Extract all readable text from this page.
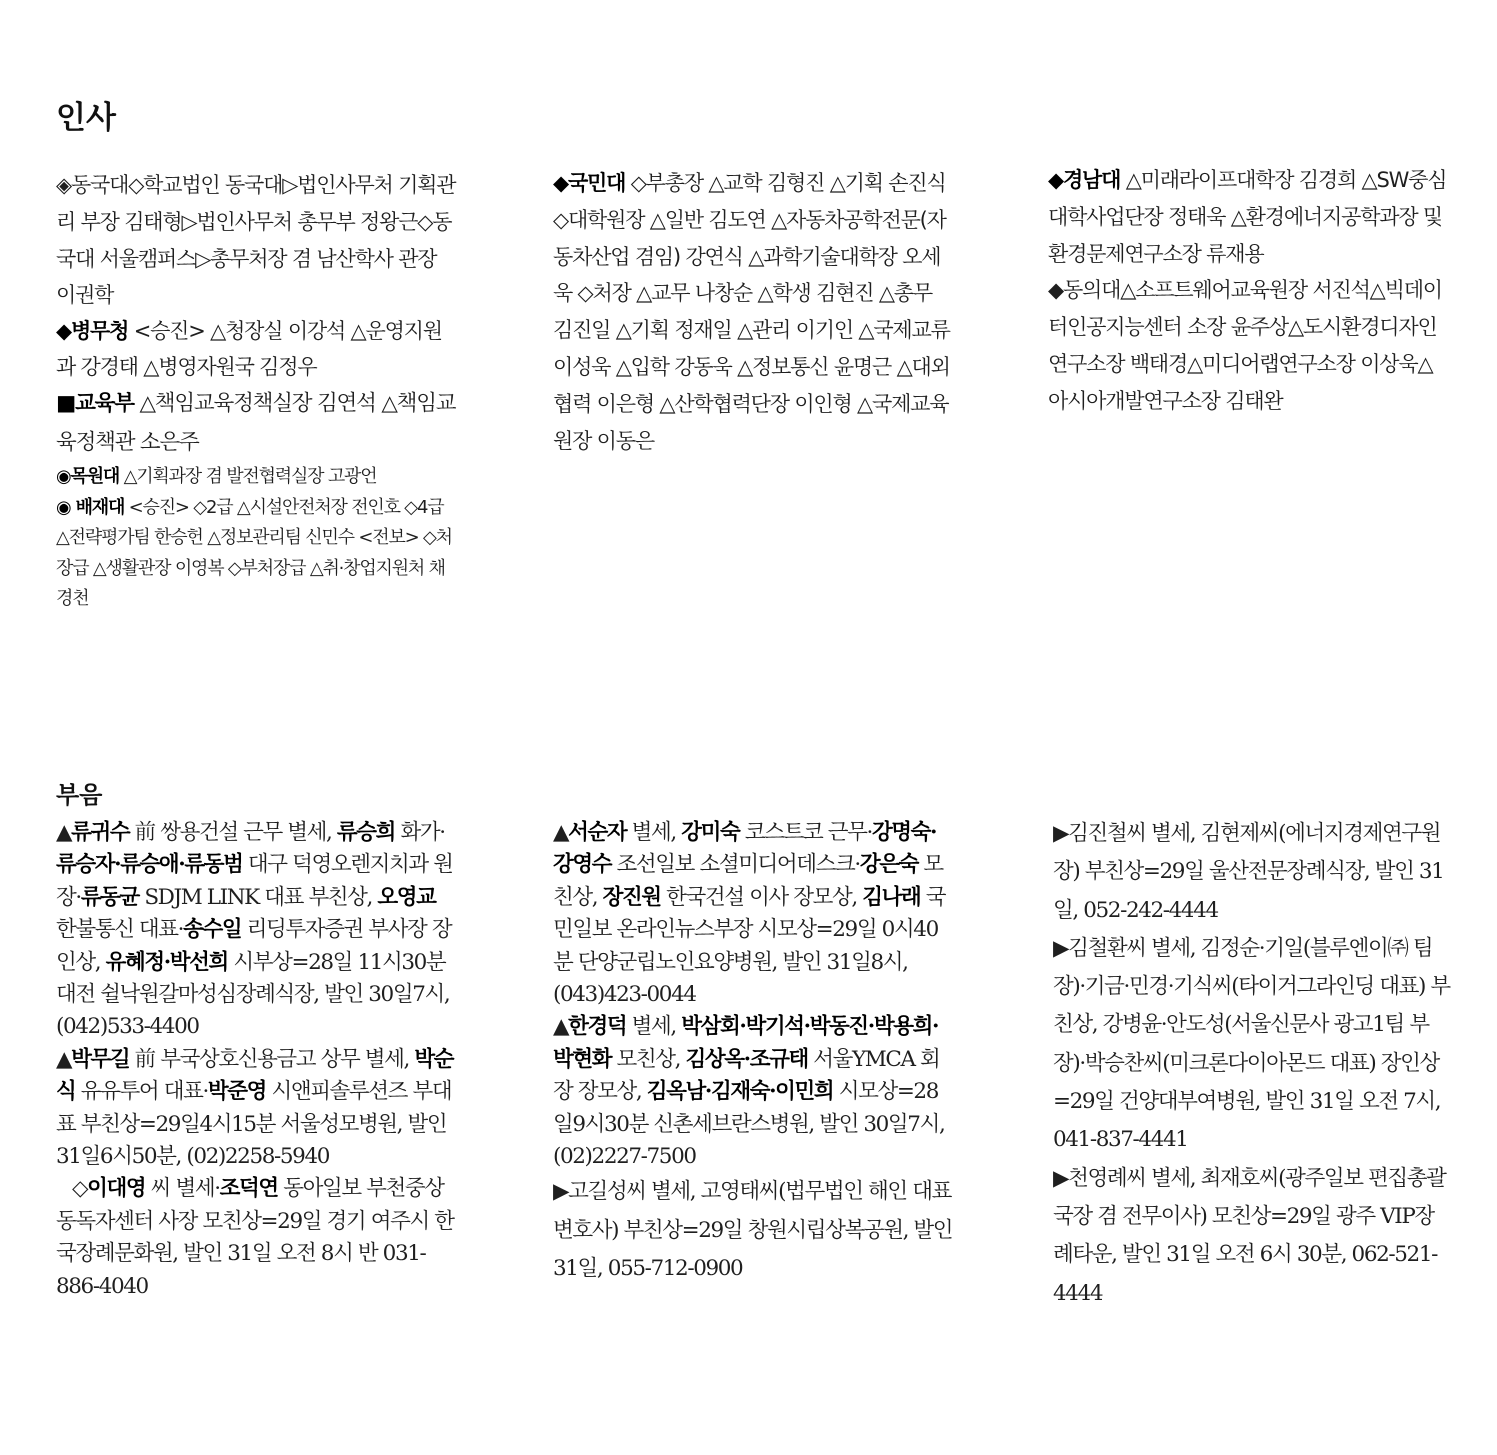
인사

◈동국대◇학교법인 동국대▷법인사무처 기획관리 부장 김태형▷법인사무처 총무부 정왕근◇동국대 서울캠퍼스▷총무처장 겸 남산학사 관장 이권학

◆병무청 <승진> △청장실 이강석 △운영지원과 강경태 △병영자원국 김정우

■교육부 △책임교육정책실장 김연석 △책임교육정책관 소은주

◉목원대 △기획과장 겸 발전협력실장 고광언

◉ 배재대 <승진> ◇2급 △시설안전처장 전인호 ◇4급 △전략평가팀 한승헌 △정보관리팀 신민수 <전보> ◇처장급 △생활관장 이영복 ◇부처장급 △취·창업지원처 채경천

◆국민대 ◇부총장 △교학 김형진 △기획 손진식 ◇대학원장 △일반 김도연 △자동차공학전문(자동차산업 겸임) 강연식 △과학기술대학장 오세욱 ◇처장 △교무 나창순 △학생 김현진 △총무 김진일 △기획 정재일 △관리 이기인 △국제교류 이성욱 △입학 강동욱 △정보통신 윤명근 △대외협력 이은형 △산학협력단장 이인형 △국제교육원장 이동은

◆경남대 △미래라이프대학장 김경희 △SW중심대학사업단장 정태욱 △환경에너지공학과장 및 환경문제연구소장 류재용

◆동의대△소프트웨어교육원장 서진석△빅데이터인공지능센터 소장 윤주상△도시환경디자인연구소장 백태경△미디어랩연구소장 이상욱△아시아개발연구소장 김태완

부음

▲류귀수 前 쌍용건설 근무 별세, 류승희 화가·류승자·류승애·류동범 대구 덕영오렌지치과 원장·류동균 SDJM LINK 대표 부친상, 오영교 한불통신 대표·송수일 리딩투자증권 부사장 장인상, 유혜정·박선희 시부상=28일 11시30분 대전 쉴낙원갈마성심장례식장, 발인 30일7시, (042)533-4400

▲박무길 前 부국상호신용금고 상무 별세, 박순식 유유투어 대표·박준영 시앤피솔루션즈 부대표 부친상=29일4시15분 서울성모병원, 발인 31일6시50분, (02)2258-5940

◇이대영 씨 별세·조덕연 동아일보 부천중상동독자센터 사장 모친상=29일 경기 여주시 한국장례문화원, 발인 31일 오전 8시 반 031-886-4040

▲서순자 별세, 강미숙 코스트코 근무·강명숙·강영수 조선일보 소셜미디어데스크·강은숙 모친상, 장진원 한국건설 이사 장모상, 김나래 국민일보 온라인뉴스부장 시모상=29일 0시40분 단양군립노인요양병원, 발인 31일8시, (043)423-0044

▲한경덕 별세, 박삼회·박기석·박동진·박용희·박현화 모친상, 김상옥·조규태 서울YMCA 회장 장모상, 김옥남·김재숙·이민희 시모상=28일9시30분 신촌세브란스병원, 발인 30일7시, (02)2227-7500

▶고길성씨 별세, 고영태씨(법무법인 해인 대표변호사) 부친상=29일 창원시립상복공원, 발인 31일, 055-712-0900

▶김진철씨 별세, 김현제씨(에너지경제연구원장) 부친상=29일 울산전문장례식장, 발인 31일, 052-242-4444

▶김철환씨 별세, 김정순·기일(블루엔이㈜ 팀장)·기금·민경·기식씨(타이거그라인딩 대표) 부친상, 강병윤·안도성(서울신문사 광고1팀 부장)·박승찬씨(미크론다이아몬드 대표) 장인상=29일 건양대부여병원, 발인 31일 오전 7시, 041-837-4441

▶천영례씨 별세, 최재호씨(광주일보 편집총괄국장 겸 전무이사) 모친상=29일 광주 VIP장례타운, 발인 31일 오전 6시 30분, 062-521-4444
